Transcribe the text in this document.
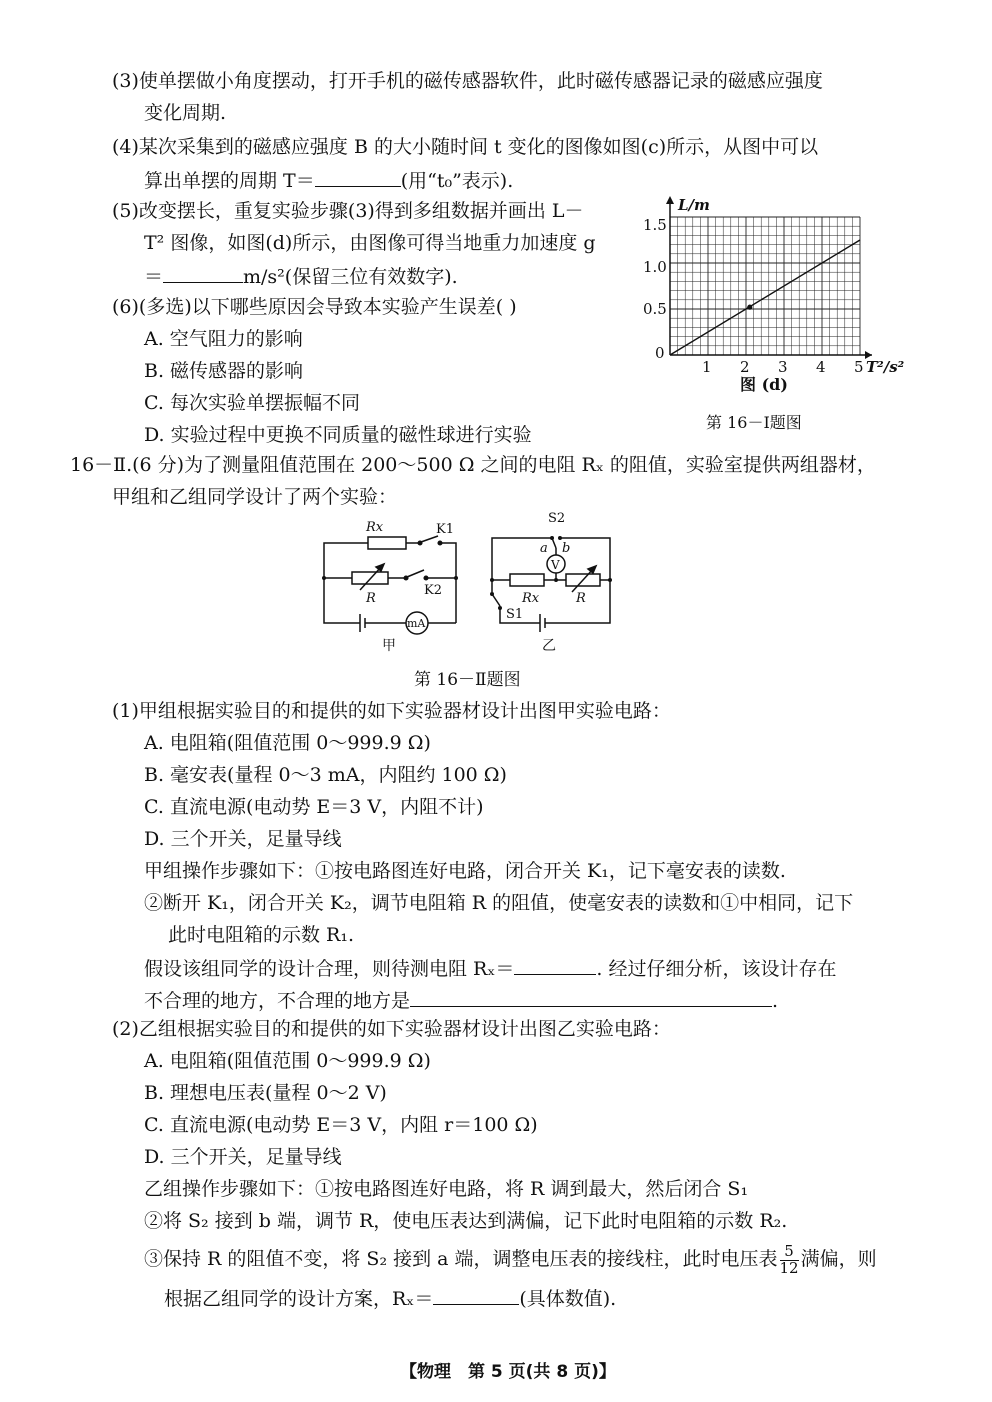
(3)使单摆做小角度摆动，打开手机的磁传感器软件，此时磁传感器记录的磁感应强度
变化周期.
(4)某次采集到的磁感应强度 B 的大小随时间 t 变化的图像如图(c)所示，从图中可以
算出单摆的周期 T＝	(用“t₀”表示).
(5)改变摆长，重复实验步骤(3)得到多组数据并画出 L－
T² 图像，如图(d)所示，由图像可得当地重力加速度 g
＝	m/s²(保留三位有效数字).
(6)(多选)以下哪些原因会导致本实验产生误差( )
A. 空气阻力的影响
B. 磁传感器的影响
C. 每次实验单摆振幅不同
D. 实验过程中更换不同质量的磁性球进行实验
L/m
T²/s²
1.5
1.0
0.5
0
1 2 3 4 5
图 (d)
第 16－Ⅰ题图
16－Ⅱ.(6 分)为了测量阻值范围在 200～500 Ω 之间的电阻 Rₓ 的阻值，实验室提供两组器材，
甲组和乙组同学设计了两个实验：
Rx	K1
R
K2
mA
甲
S2
a b
V
Rx	R
S1
乙
第 16－Ⅱ题图
(1)甲组根据实验目的和提供的如下实验器材设计出图甲实验电路：
A. 电阻箱(阻值范围 0～999.9 Ω)
B. 毫安表(量程 0～3 mA，内阻约 100 Ω)
C. 直流电源(电动势 E＝3 V，内阻不计)
D. 三个开关，足量导线
甲组操作步骤如下：①按电路图连好电路，闭合开关 K₁，记下毫安表的读数.
②断开 K₁，闭合开关 K₂，调节电阻箱 R 的阻值，使毫安表的读数和①中相同，记下
此时电阻箱的示数 R₁.
假设该组同学的设计合理，则待测电阻 Rₓ＝	. 经过仔细分析，该设计存在
不合理的地方，不合理的地方是	.
(2)乙组根据实验目的和提供的如下实验器材设计出图乙实验电路：
A. 电阻箱(阻值范围 0～999.9 Ω)
B. 理想电压表(量程 0～2 V)
C. 直流电源(电动势 E＝3 V，内阻 r＝100 Ω)
D. 三个开关，足量导线
乙组操作步骤如下：①按电路图连好电路，将 R 调到最大，然后闭合 S₁
②将 S₂ 接到 b 端，调节 R，使电压表达到满偏，记下此时电阻箱的示数 R₂.
③保持 R 的阻值不变，将 S₂ 接到 a 端，调整电压表的接线柱，此时电压表 $\frac{5}{12}$ 满偏，则
根据乙组同学的设计方案，Rₓ＝	(具体数值).
【物理　第 5 页(共 8 页)】
